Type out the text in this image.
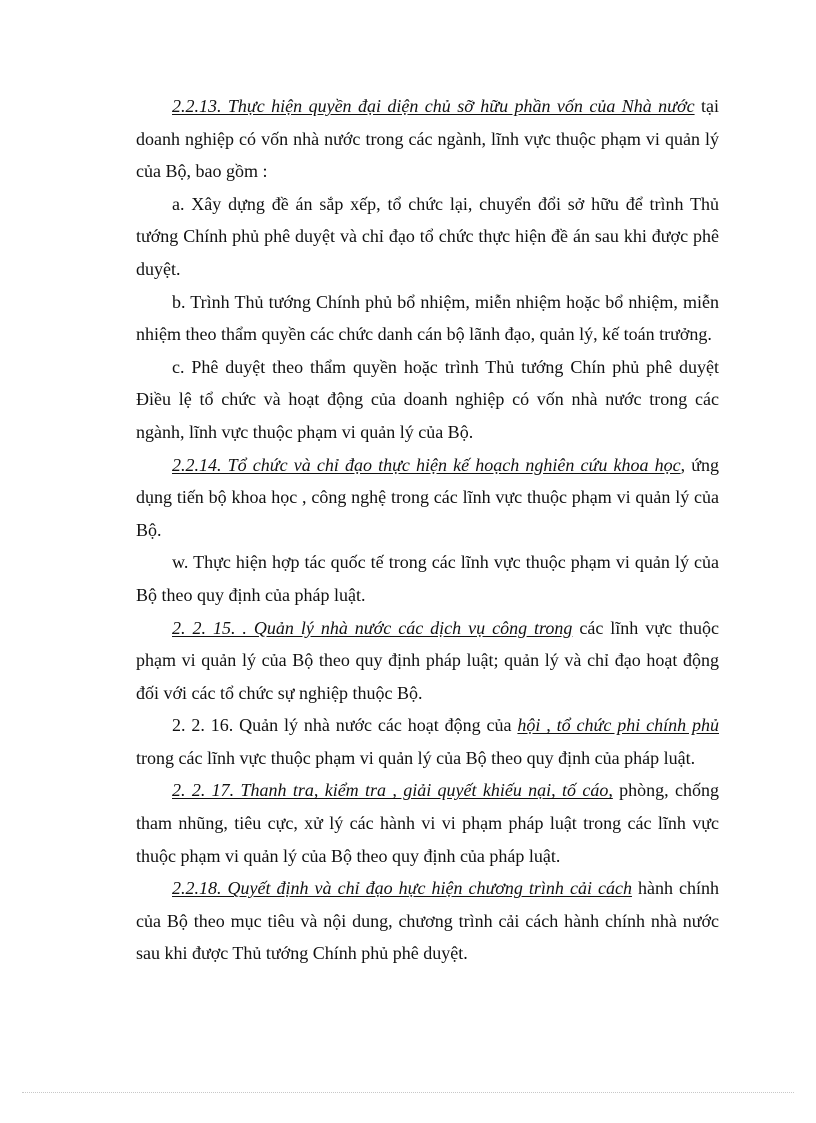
2.2.13. Thực hiện quyền đại diện chủ sỡ hữu phần vốn của Nhà nước tại doanh nghiệp có vốn nhà nước trong các ngành, lĩnh vực thuộc phạm vi quản lý của Bộ, bao gồm :

a. Xây dựng đề án sắp xếp, tổ chức lại, chuyển đổi sở hữu để trình Thủ tướng Chính phủ phê duyệt và chỉ đạo tổ chức thực hiện đề án sau khi được phê duyệt.

b. Trình Thủ tướng Chính phủ bổ nhiệm, miễn nhiệm hoặc bổ nhiệm, miễn nhiệm theo thẩm quyền các chức danh cán bộ lãnh đạo, quản lý, kế toán trưởng.

c. Phê duyệt theo thẩm quyền hoặc trình Thủ tướng Chín phủ phê duyệt Điều lệ tổ chức và hoạt động của doanh nghiệp có vốn nhà nước trong các ngành, lĩnh vực thuộc phạm vi quản lý của Bộ.

2.2.14. Tổ chức và chỉ đạo thực hiện kế hoạch nghiên cứu khoa học, ứng dụng tiến bộ khoa học , công nghệ trong các lĩnh vực thuộc phạm vi quản lý của Bộ.

w. Thực hiện hợp tác quốc tế trong các lĩnh vực thuộc phạm vi quản lý của Bộ theo quy định của pháp luật.

2. 2. 15. . Quản lý nhà nước các dịch vụ công trong các lĩnh vực thuộc phạm vi quản lý của Bộ theo quy định pháp luật; quản lý và chỉ đạo hoạt động đối với các tổ chức sự nghiệp thuộc Bộ.

2. 2. 16. Quản lý nhà nước các hoạt động của hội , tổ chức phi chính phủ trong các lĩnh vực thuộc phạm vi quản lý của Bộ theo quy định của pháp luật.

2. 2. 17. Thanh tra, kiểm tra , giải quyết khiếu nại, tố cáo, phòng, chống tham nhũng, tiêu cực, xử lý các hành vi vi phạm pháp luật trong các lĩnh vực thuộc phạm vi quản lý của Bộ theo quy định của pháp luật.

2.2.18. Quyết định và chỉ đạo hực hiện chương trình cải cách hành chính của Bộ theo mục tiêu và nội dung, chương trình cải cách hành chính nhà nước sau khi được Thủ tướng Chính phủ phê duyệt.
